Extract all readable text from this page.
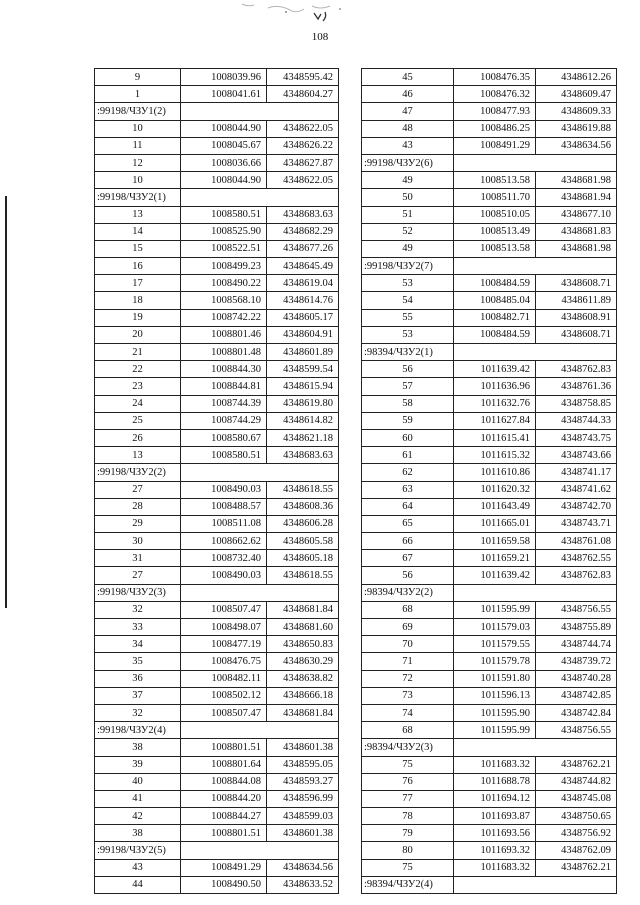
108
9	1008039.96	4348595.42
1	1008041.61	4348604.27
:99198/ЧЗУ1(2)		
10	1008044.90	4348622.05
11	1008045.67	4348626.22
12	1008036.66	4348627.87
10	1008044.90	4348622.05
:99198/ЧЗУ2(1)		
13	1008580.51	4348683.63
14	1008525.90	4348682.29
15	1008522.51	4348677.26
16	1008499.23	4348645.49
17	1008490.22	4348619.04
18	1008568.10	4348614.76
19	1008742.22	4348605.17
20	1008801.46	4348604.91
21	1008801.48	4348601.89
22	1008844.30	4348599.54
23	1008844.81	4348615.94
24	1008744.39	4348619.80
25	1008744.29	4348614.82
26	1008580.67	4348621.18
13	1008580.51	4348683.63
:99198/ЧЗУ2(2)		
27	1008490.03	4348618.55
28	1008488.57	4348608.36
29	1008511.08	4348606.28
30	1008662.62	4348605.58
31	1008732.40	4348605.18
27	1008490.03	4348618.55
:99198/ЧЗУ2(3)		
32	1008507.47	4348681.84
33	1008498.07	4348681.60
34	1008477.19	4348650.83
35	1008476.75	4348630.29
36	1008482.11	4348638.82
37	1008502.12	4348666.18
32	1008507.47	4348681.84
:99198/ЧЗУ2(4)		
38	1008801.51	4348601.38
39	1008801.64	4348595.05
40	1008844.08	4348593.27
41	1008844.20	4348596.99
42	1008844.27	4348599.03
38	1008801.51	4348601.38
:99198/ЧЗУ2(5)		
43	1008491.29	4348634.56
44	1008490.50	4348633.52
45	1008476.35	4348612.26
46	1008476.32	4348609.47
47	1008477.93	4348609.33
48	1008486.25	4348619.88
43	1008491.29	4348634.56
:99198/ЧЗУ2(6)		
49	1008513.58	4348681.98
50	1008511.70	4348681.94
51	1008510.05	4348677.10
52	1008513.49	4348681.83
49	1008513.58	4348681.98
:99198/ЧЗУ2(7)		
53	1008484.59	4348608.71
54	1008485.04	4348611.89
55	1008482.71	4348608.91
53	1008484.59	4348608.71
:98394/ЧЗУ2(1)		
56	1011639.42	4348762.83
57	1011636.96	4348761.36
58	1011632.76	4348758.85
59	1011627.84	4348744.33
60	1011615.41	4348743.75
61	1011615.32	4348743.66
62	1011610.86	4348741.17
63	1011620.32	4348741.62
64	1011643.49	4348742.70
65	1011665.01	4348743.71
66	1011659.58	4348761.08
67	1011659.21	4348762.55
56	1011639.42	4348762.83
:98394/ЧЗУ2(2)		
68	1011595.99	4348756.55
69	1011579.03	4348755.89
70	1011579.55	4348744.74
71	1011579.78	4348739.72
72	1011591.80	4348740.28
73	1011596.13	4348742.85
74	1011595.90	4348742.84
68	1011595.99	4348756.55
:98394/ЧЗУ2(3)		
75	1011683.32	4348762.21
76	1011688.78	4348744.82
77	1011694.12	4348745.08
78	1011693.87	4348750.65
79	1011693.56	4348756.92
80	1011693.32	4348762.09
75	1011683.32	4348762.21
:98394/ЧЗУ2(4)		
